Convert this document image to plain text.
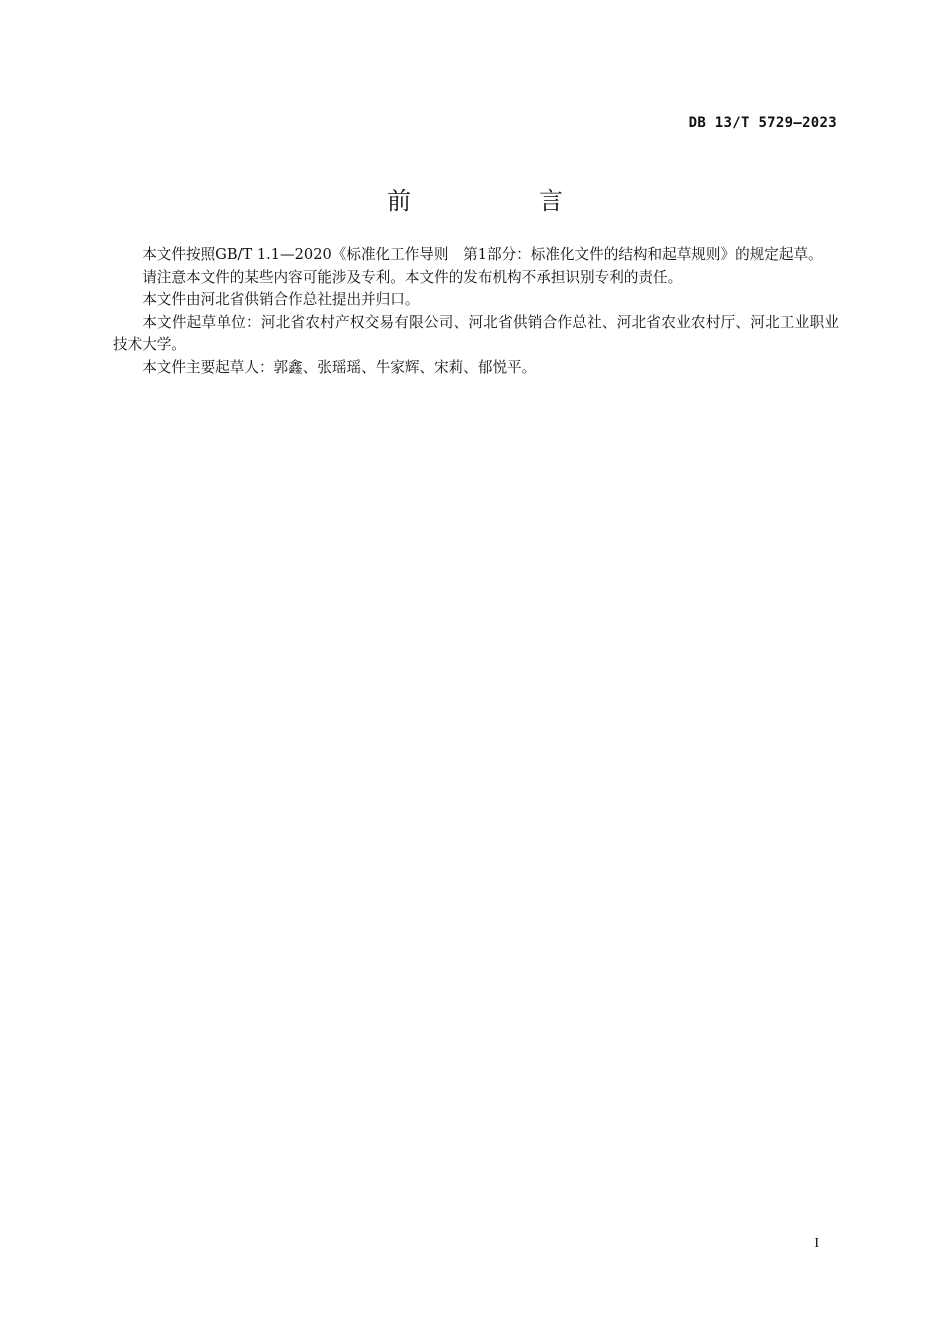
DB 13/T 5729—2023
前　言

本文件按照GB/T 1.1—2020《标准化工作导则　第1部分：标准化文件的结构和起草规则》的规定起草。

请注意本文件的某些内容可能涉及专利。本文件的发布机构不承担识别专利的责任。

本文件由河北省供销合作总社提出并归口。

本文件起草单位：河北省农村产权交易有限公司、河北省供销合作总社、河北省农业农村厅、河北工业职业技术大学。

本文件主要起草人：郭鑫、张瑶瑶、牛家辉、宋莉、郁悦平。

I
